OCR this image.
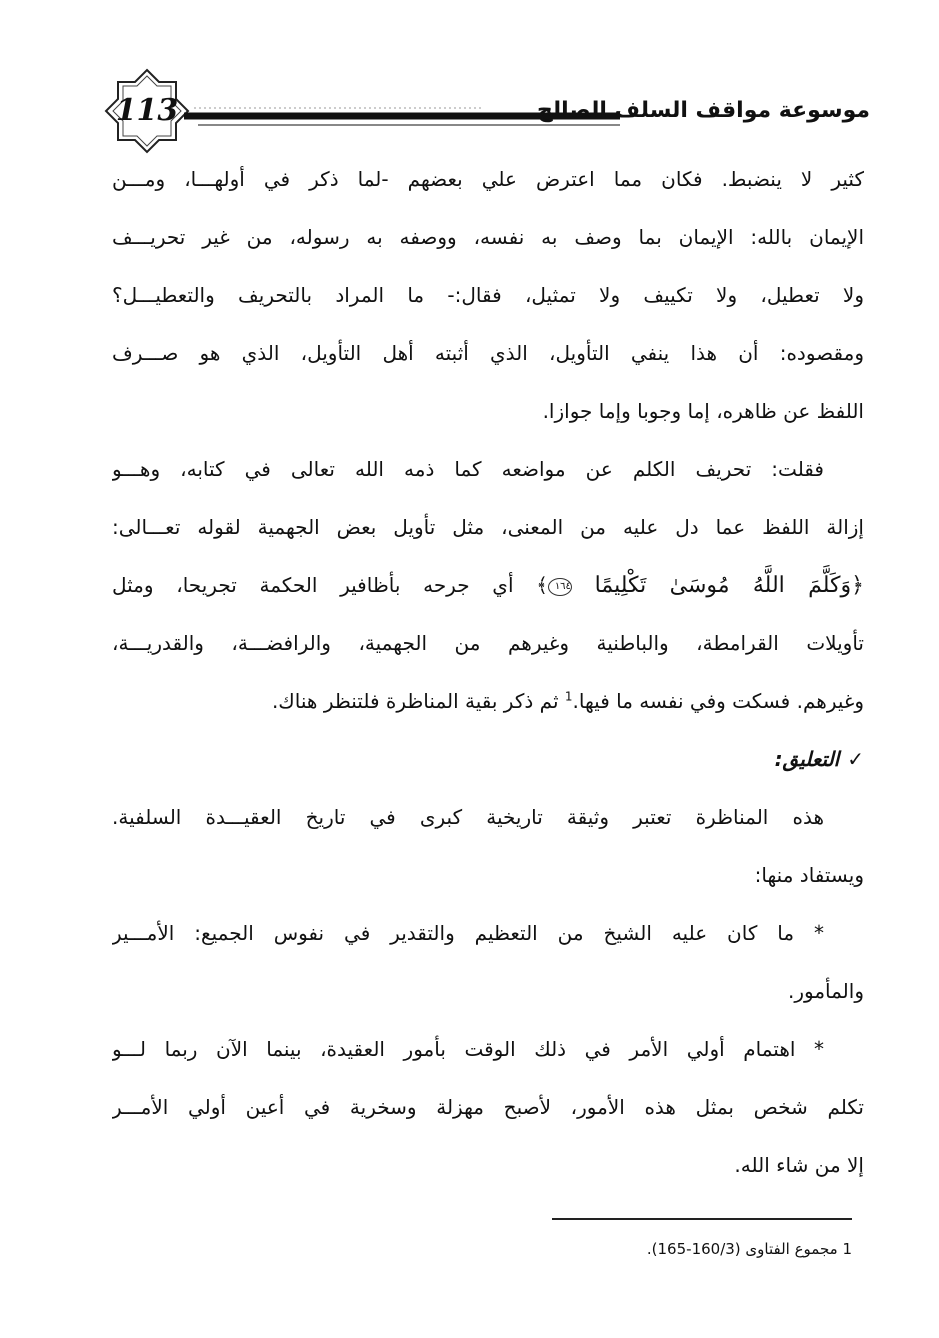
113	موسوعة مواقف السلف الصالح
كثير لا ينضبط. فكان مما اعترض علي بعضهم -لما ذكر في أولهـــا، ومـــن
الإيمان بالله: الإيمان بما وصف به نفسه، ووصفه به رسوله، من غير تحريـــف
ولا تعطيل، ولا تكييف ولا تمثيل، فقال:- ما المراد بالتحريف والتعطيـــل؟
ومقصوده: أن هذا ينفي التأويل، الذي أثبته أهل التأويل، الذي هو صـــرف
اللفظ عن ظاهره، إما وجوبا وإما جوازا.
فقلت: تحريف الكلم عن مواضعه كما ذمه الله تعالى في كتابه، وهـــو
إزالة اللفظ عما دل عليه من المعنى، مثل تأويل بعض الجهمية لقوله تعـــالى:
﴿وَكَلَّمَ اللَّهُ مُوسَىٰ تَكْلِيمًا ١٦٤﴾ أي جرحه بأظافير الحكمة تجريحا، ومثل
تأويلات القرامطة، والباطنية وغيرهم من الجهمية، والرافضـــة، والقدريـــة،
وغيرهم. فسكت وفي نفسه ما فيها.$^1$ ثم ذكر بقية المناظرة فلتنظر هناك.
✓التعليق:
هذه المناظرة تعتبر وثيقة تاريخية كبرى في تاريخ العقيـــدة السلفية.
ويستفاد منها:
* ما كان عليه الشيخ من التعظيم والتقدير في نفوس الجميع: الأمـــير
والمأمور.
* اهتمام أولي الأمر في ذلك الوقت بأمور العقيدة، بينما الآن ربما لـــو
تكلم شخص بمثل هذه الأمور، لأصبح مهزلة وسخرية في أعين أولي الأمـــر
إلا من شاء الله.
1 مجموع الفتاوى (160/3-165).
